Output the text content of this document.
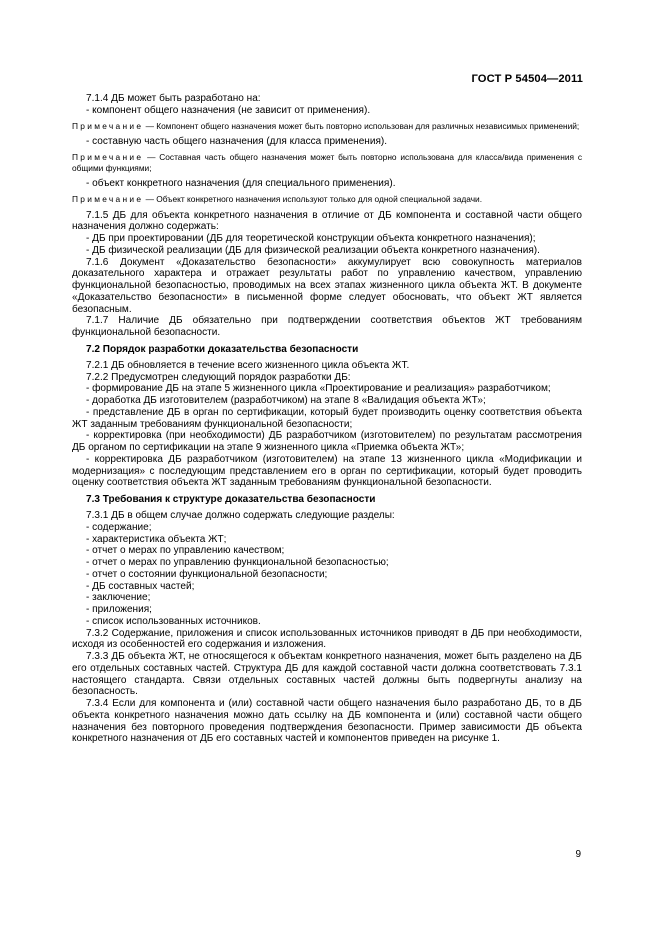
ГОСТ Р 54504—2011
7.1.4 ДБ может быть разработано на:
- компонент общего назначения (не зависит от применения).
Примечание — Компонент общего назначения может быть повторно использован для различных независимых применений;
- составную часть общего назначения (для класса применения).
Примечание — Составная часть общего назначения может быть повторно использована для класса/вида применения с общими функциями;
- объект конкретного назначения (для специального применения).
Примечание — Объект конкретного назначения используют только для одной специальной задачи.
7.1.5 ДБ для объекта конкретного назначения в отличие от ДБ компонента и составной части общего назначения должно содержать:
- ДБ при проектировании (ДБ для теоретической конструкции объекта конкретного назначения);
- ДБ физической реализации (ДБ для физической реализации объекта конкретного назначения).
7.1.6 Документ «Доказательство безопасности» аккумулирует всю совокупность материалов доказательного характера и отражает результаты работ по управлению качеством, управлению функциональной безопасностью, проводимых на всех этапах жизненного цикла объекта ЖТ. В документе «Доказательство безопасности» в письменной форме следует обосновать, что объект ЖТ является безопасным.
7.1.7 Наличие ДБ обязательно при подтверждении соответствия объектов ЖТ требованиям функциональной безопасности.
7.2 Порядок разработки доказательства безопасности
7.2.1 ДБ обновляется в течение всего жизненного цикла объекта ЖТ.
7.2.2 Предусмотрен следующий порядок разработки ДБ:
- формирование ДБ на этапе 5 жизненного цикла «Проектирование и реализация» разработчиком;
- доработка ДБ изготовителем (разработчиком) на этапе 8 «Валидация объекта ЖТ»;
- представление ДБ в орган по сертификации, который будет производить оценку соответствия объекта ЖТ заданным требованиям функциональной безопасности;
- корректировка (при необходимости) ДБ разработчиком (изготовителем) по результатам рассмотрения ДБ органом по сертификации на этапе 9 жизненного цикла «Приемка объекта ЖТ»;
- корректировка ДБ разработчиком (изготовителем) на этапе 13 жизненного цикла «Модификации и модернизация» с последующим представлением его в орган по сертификации, который будет проводить оценку соответствия объекта ЖТ заданным требованиям функциональной безопасности.
7.3 Требования к структуре доказательства безопасности
7.3.1 ДБ в общем случае должно содержать следующие разделы:
- содержание;
- характеристика объекта ЖТ;
- отчет о мерах по управлению качеством;
- отчет о мерах по управлению функциональной безопасностью;
- отчет о состоянии функциональной безопасности;
- ДБ составных частей;
- заключение;
- приложения;
- список использованных источников.
7.3.2 Содержание, приложения и список использованных источников приводят в ДБ при необходимости, исходя из особенностей его содержания и изложения.
7.3.3 ДБ объекта ЖТ, не относящегося к объектам конкретного назначения, может быть разделено на ДБ его отдельных составных частей. Структура ДБ для каждой составной части должна соответствовать 7.3.1 настоящего стандарта. Связи отдельных составных частей должны быть подвергнуты анализу на безопасность.
7.3.4 Если для компонента и (или) составной части общего назначения было разработано ДБ, то в ДБ объекта конкретного назначения можно дать ссылку на ДБ компонента и (или) составной части общего назначения без повторного проведения подтверждения безопасности. Пример зависимости ДБ объекта конкретного назначения от ДБ его составных частей и компонентов приведен на рисунке 1.
9
